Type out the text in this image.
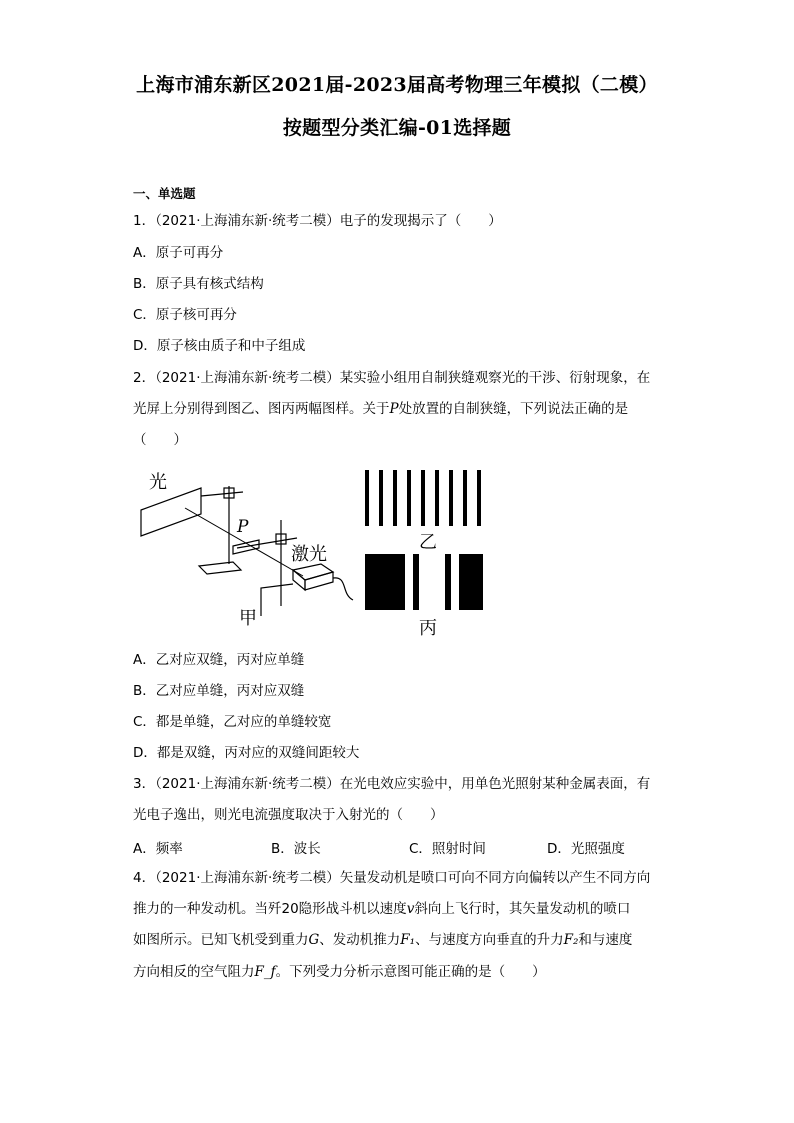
上海市浦东新区2021届-2023届高考物理三年模拟（二模）
按题型分类汇编-01选择题
一、单选题
1．（2021·上海浦东新·统考二模）电子的发现揭示了（　　）
A．原子可再分
B．原子具有核式结构
C．原子核可再分
D．原子核由质子和中子组成
2．（2021·上海浦东新·统考二模）某实验小组用自制狭缝观察光的干涉、衍射现象，在
光屏上分别得到图乙、图丙两幅图样。关于P处放置的自制狭缝，下列说法正确的是
（　　）
光
P
激光
甲
乙
丙
A．乙对应双缝，丙对应单缝
B．乙对应单缝，丙对应双缝
C．都是单缝，乙对应的单缝较宽
D．都是双缝，丙对应的双缝间距较大
3．（2021·上海浦东新·统考二模）在光电效应实验中，用单色光照射某种金属表面，有
光电子逸出，则光电流强度取决于入射光的（　　）
A．频率	B．波长	C．照射时间	D．光照强度
4．（2021·上海浦东新·统考二模）矢量发动机是喷口可向不同方向偏转以产生不同方向
推力的一种发动机。当歼20隐形战斗机以速度v斜向上飞行时，其矢量发动机的喷口
如图所示。已知飞机受到重力G、发动机推力F₁、与速度方向垂直的升力F₂和与速度
方向相反的空气阻力F_f。下列受力分析示意图可能正确的是（　　）
